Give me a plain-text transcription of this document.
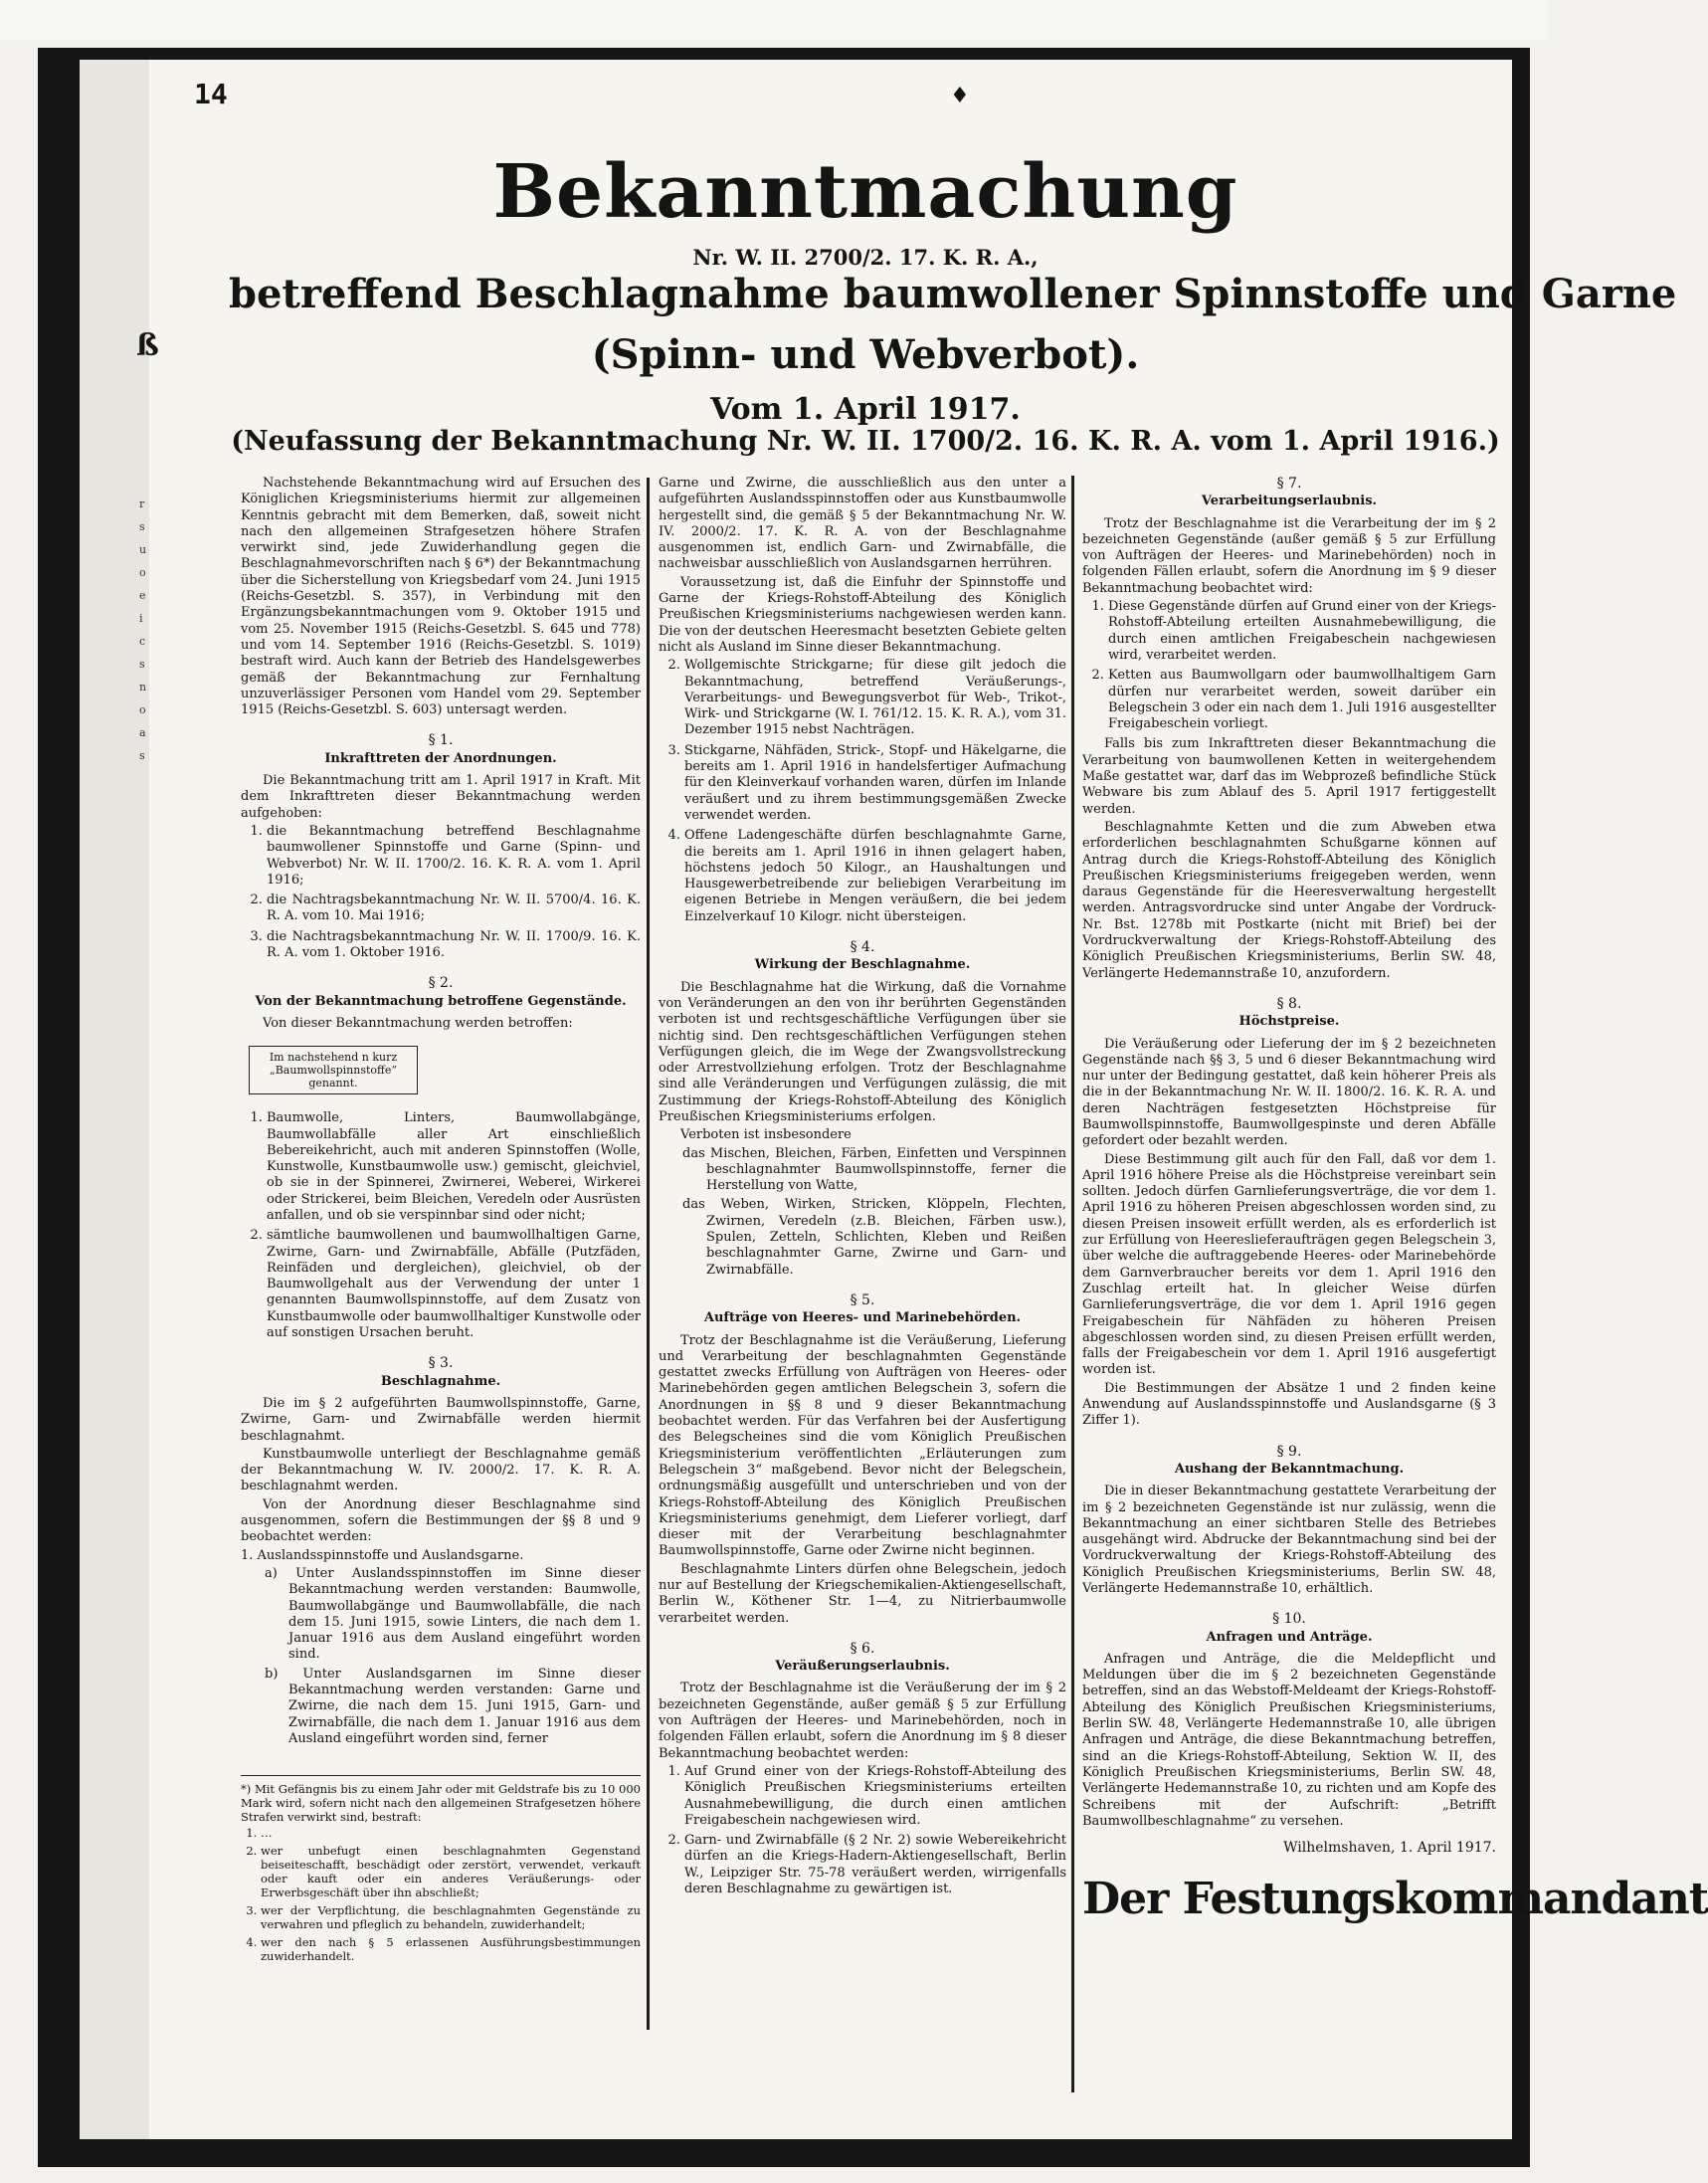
14	♦
ß
r
s
u
o
e
i
c
s
n
o
a
s
Bekanntmachung
Nr. W. II. 2700/2. 17. K. R. A.,
betreffend Beschlagnahme baumwollener Spinnstoffe und Garne
(Spinn- und Webverbot).
Vom 1. April 1917.
(Neufassung der Bekanntmachung Nr. W. II. 1700/2. 16. K. R. A. vom 1. April 1916.)

Nachstehende Bekanntmachung wird auf Ersuchen des Königlichen Kriegsministeriums hiermit zur allgemeinen Kenntnis gebracht mit dem Bemerken, daß, soweit nicht nach den allgemeinen Strafgesetzen höhere Strafen verwirkt sind, jede Zuwiderhandlung gegen die Beschlagnahmevorschriften nach § 6*) der Bekanntmachung über die Sicherstellung von Kriegsbedarf vom 24. Juni 1915 (Reichs-Gesetzbl. S. 357), in Verbindung mit den Ergänzungsbekanntmachungen vom 9. Oktober 1915 und vom 25. November 1915 (Reichs-Gesetzbl. S. 645 und 778) und vom 14. September 1916 (Reichs-Gesetzbl. S. 1019) bestraft wird. Auch kann der Betrieb des Handelsgewerbes gemäß der Bekanntmachung zur Fernhaltung unzuverlässiger Personen vom Handel vom 29. September 1915 (Reichs-Gesetzbl. S. 603) untersagt werden.

§ 1.
Inkrafttreten der Anordnungen.

Die Bekanntmachung tritt am 1. April 1917 in Kraft. Mit dem Inkrafttreten dieser Bekanntmachung werden aufgehoben:

1. die Bekanntmachung betreffend Beschlagnahme baumwollener Spinnstoffe und Garne (Spinn- und Webverbot) Nr. W. II. 1700/2. 16. K. R. A. vom 1. April 1916;
2. die Nachtragsbekanntmachung Nr. W. II. 5700/4. 16. K. R. A. vom 10. Mai 1916;
3. die Nachtragsbekanntmachung Nr. W. II. 1700/9. 16. K. R. A. vom 1. Oktober 1916.
§ 2.
Von der Bekanntmachung betroffene Gegenstände.

Von dieser Bekanntmachung werden betroffen:

Im nachstehend n kurz „Baumwollspinnstoffe“ genannt.
1. Baumwolle, Linters, Baumwollabgänge, Baumwollabfälle aller Art einschließlich Bebereikehricht, auch mit anderen Spinnstoffen (Wolle, Kunstwolle, Kunstbaumwolle usw.) gemischt, gleichviel, ob sie in der Spinnerei, Zwirnerei, Weberei, Wirkerei oder Strickerei, beim Bleichen, Veredeln oder Ausrüsten anfallen, und ob sie verspinnbar sind oder nicht;
2. sämtliche baumwollenen und baumwollhaltigen Garne, Zwirne, Garn- und Zwirnabfälle, Abfälle (Putzfäden, Reinfäden und dergleichen), gleichviel, ob der Baumwollgehalt aus der Verwendung der unter 1 genannten Baumwollspinnstoffe, auf dem Zusatz von Kunstbaumwolle oder baumwollhaltiger Kunstwolle oder auf sonstigen Ursachen beruht.
§ 3.
Beschlagnahme.

Die im § 2 aufgeführten Baumwollspinnstoffe, Garne, Zwirne, Garn- und Zwirnabfälle werden hiermit beschlagnahmt.

Kunstbaumwolle unterliegt der Beschlagnahme gemäß der Bekanntmachung W. IV. 2000/2. 17. K. R. A. beschlagnahmt werden.

Von der Anordnung dieser Beschlagnahme sind ausgenommen, sofern die Bestimmungen der §§ 8 und 9 beobachtet werden:

1. Auslandsspinnstoffe und Auslandsgarne.

a) Unter Auslandsspinnstoffen im Sinne dieser Bekanntmachung werden verstanden: Baumwolle, Baumwollabgänge und Baumwollabfälle, die nach dem 15. Juni 1915, sowie Linters, die nach dem 1. Januar 1916 aus dem Ausland eingeführt worden sind.
b) Unter Auslandsgarnen im Sinne dieser Bekanntmachung werden verstanden: Garne und Zwirne, die nach dem 15. Juni 1915, Garn- und Zwirnabfälle, die nach dem 1. Januar 1916 aus dem Ausland eingeführt worden sind, ferner

*) Mit Gefängnis bis zu einem Jahr oder mit Geldstrafe bis zu 10 000 Mark wird, sofern nicht nach den allgemeinen Strafgesetzen höhere Strafen verwirkt sind, bestraft:

1. …
2. wer unbefugt einen beschlagnahmten Gegenstand beiseiteschafft, beschädigt oder zerstört, verwendet, verkauft oder kauft oder ein anderes Veräußerungs- oder Erwerbsgeschäft über ihn abschließt;
3. wer der Verpflichtung, die beschlagnahmten Gegenstände zu verwahren und pfleglich zu behandeln, zuwiderhandelt;
4. wer den nach § 5 erlassenen Ausführungsbestimmungen zuwiderhandelt.

Garne und Zwirne, die ausschließlich aus den unter a aufgeführten Auslandsspinnstoffen oder aus Kunstbaumwolle hergestellt sind, die gemäß § 5 der Bekanntmachung Nr. W. IV. 2000/2. 17. K. R. A. von der Beschlagnahme ausgenommen ist, endlich Garn- und Zwirnabfälle, die nachweisbar ausschließlich von Auslandsgarnen herrühren.

Voraussetzung ist, daß die Einfuhr der Spinnstoffe und Garne der Kriegs-Rohstoff-Abteilung des Königlich Preußischen Kriegsministeriums nachgewiesen werden kann. Die von der deutschen Heeresmacht besetzten Gebiete gelten nicht als Ausland im Sinne dieser Bekanntmachung.

2. Wollgemischte Strickgarne; für diese gilt jedoch die Bekanntmachung, betreffend Veräußerungs-, Verarbeitungs- und Bewegungsverbot für Web-, Trikot-, Wirk- und Strickgarne (W. I. 761/12. 15. K. R. A.), vom 31. Dezember 1915 nebst Nachträgen.
3. Stickgarne, Nähfäden, Strick-, Stopf- und Häkelgarne, die bereits am 1. April 1916 in handelsfertiger Aufmachung für den Kleinverkauf vorhanden waren, dürfen im Inlande veräußert und zu ihrem bestimmungsgemäßen Zwecke verwendet werden.
4. Offene Ladengeschäfte dürfen beschlagnahmte Garne, die bereits am 1. April 1916 in ihnen gelagert haben, höchstens jedoch 50 Kilogr., an Haushaltungen und Hausgewerbetreibende zur beliebigen Verarbeitung im eigenen Betriebe in Mengen veräußern, die bei jedem Einzelverkauf 10 Kilogr. nicht übersteigen.
§ 4.
Wirkung der Beschlagnahme.

Die Beschlagnahme hat die Wirkung, daß die Vornahme von Veränderungen an den von ihr berührten Gegenständen verboten ist und rechtsgeschäftliche Verfügungen über sie nichtig sind. Den rechtsgeschäftlichen Verfügungen stehen Verfügungen gleich, die im Wege der Zwangsvollstreckung oder Arrestvollziehung erfolgen. Trotz der Beschlagnahme sind alle Veränderungen und Verfügungen zulässig, die mit Zustimmung der Kriegs-Rohstoff-Abteilung des Königlich Preußischen Kriegsministeriums erfolgen.

Verboten ist insbesondere

das Mischen, Bleichen, Färben, Einfetten und Verspinnen beschlagnahmter Baumwollspinnstoffe, ferner die Herstellung von Watte,
das Weben, Wirken, Stricken, Klöppeln, Flechten, Zwirnen, Veredeln (z.B. Bleichen, Färben usw.), Spulen, Zetteln, Schlichten, Kleben und Reißen beschlagnahmter Garne, Zwirne und Garn- und Zwirnabfälle.
§ 5.
Aufträge von Heeres- und Marinebehörden.

Trotz der Beschlagnahme ist die Veräußerung, Lieferung und Verarbeitung der beschlagnahmten Gegenstände gestattet zwecks Erfüllung von Aufträgen von Heeres- oder Marinebehörden gegen amtlichen Belegschein 3, sofern die Anordnungen in §§ 8 und 9 dieser Bekanntmachung beobachtet werden. Für das Verfahren bei der Ausfertigung des Belegscheines sind die vom Königlich Preußischen Kriegsministerium veröffentlichten „Erläuterungen zum Belegschein 3“ maßgebend. Bevor nicht der Belegschein, ordnungsmäßig ausgefüllt und unterschrieben und von der Kriegs-Rohstoff-Abteilung des Königlich Preußischen Kriegsministeriums genehmigt, dem Lieferer vorliegt, darf dieser mit der Verarbeitung beschlagnahmter Baumwollspinnstoffe, Garne oder Zwirne nicht beginnen.

Beschlagnahmte Linters dürfen ohne Belegschein, jedoch nur auf Bestellung der Kriegschemikalien-Aktiengesellschaft, Berlin W., Köthener Str. 1—4, zu Nitrierbaumwolle verarbeitet werden.

§ 6.
Veräußerungserlaubnis.

Trotz der Beschlagnahme ist die Veräußerung der im § 2 bezeichneten Gegenstände, außer gemäß § 5 zur Erfüllung von Aufträgen der Heeres- und Marinebehörden, noch in folgenden Fällen erlaubt, sofern die Anordnung im § 8 dieser Bekanntmachung beobachtet werden:

1. Auf Grund einer von der Kriegs-Rohstoff-Abteilung des Königlich Preußischen Kriegsministeriums erteilten Ausnahmebewilligung, die durch einen amtlichen Freigabeschein nachgewiesen wird.
2. Garn- und Zwirnabfälle (§ 2 Nr. 2) sowie Webereikehricht dürfen an die Kriegs-Hadern-Aktiengesellschaft, Berlin W., Leipziger Str. 75-78 veräußert werden, wirrigenfalls deren Beschlagnahme zu gewärtigen ist.
§ 7.
Verarbeitungserlaubnis.

Trotz der Beschlagnahme ist die Verarbeitung der im § 2 bezeichneten Gegenstände (außer gemäß § 5 zur Erfüllung von Aufträgen der Heeres- und Marinebehörden) noch in folgenden Fällen erlaubt, sofern die Anordnung im § 9 dieser Bekanntmachung beobachtet wird:

1. Diese Gegenstände dürfen auf Grund einer von der Kriegs-Rohstoff-Abteilung erteilten Ausnahmebewilligung, die durch einen amtlichen Freigabeschein nachgewiesen wird, verarbeitet werden.
2. Ketten aus Baumwollgarn oder baumwollhaltigem Garn dürfen nur verarbeitet werden, soweit darüber ein Belegschein 3 oder ein nach dem 1. Juli 1916 ausgestellter Freigabeschein vorliegt.

Falls bis zum Inkrafttreten dieser Bekanntmachung die Verarbeitung von baumwollenen Ketten in weitergehendem Maße gestattet war, darf das im Webprozeß befindliche Stück Webware bis zum Ablauf des 5. April 1917 fertiggestellt werden.

Beschlagnahmte Ketten und die zum Abweben etwa erforderlichen beschlagnahmten Schußgarne können auf Antrag durch die Kriegs-Rohstoff-Abteilung des Königlich Preußischen Kriegsministeriums freigegeben werden, wenn daraus Gegenstände für die Heeresverwaltung hergestellt werden. Antragsvordrucke sind unter Angabe der Vordruck-Nr. Bst. 1278b mit Postkarte (nicht mit Brief) bei der Vordruckverwaltung der Kriegs-Rohstoff-Abteilung des Königlich Preußischen Kriegsministeriums, Berlin SW. 48, Verlängerte Hedemannstraße 10, anzufordern.

§ 8.
Höchstpreise.

Die Veräußerung oder Lieferung der im § 2 bezeichneten Gegenstände nach §§ 3, 5 und 6 dieser Bekanntmachung wird nur unter der Bedingung gestattet, daß kein höherer Preis als die in der Bekanntmachung Nr. W. II. 1800/2. 16. K. R. A. und deren Nachträgen festgesetzten Höchstpreise für Baumwollspinnstoffe, Baumwollgespinste und deren Abfälle gefordert oder bezahlt werden.

Diese Bestimmung gilt auch für den Fall, daß vor dem 1. April 1916 höhere Preise als die Höchstpreise vereinbart sein sollten. Jedoch dürfen Garnlieferungsverträge, die vor dem 1. April 1916 zu höheren Preisen abgeschlossen worden sind, zu diesen Preisen insoweit erfüllt werden, als es erforderlich ist zur Erfüllung von Heereslieferaufträgen gegen Belegschein 3, über welche die auftraggebende Heeres- oder Marinebehörde dem Garnverbraucher bereits vor dem 1. April 1916 den Zuschlag erteilt hat. In gleicher Weise dürfen Garnlieferungsverträge, die vor dem 1. April 1916 gegen Freigabeschein für Nähfäden zu höheren Preisen abgeschlossen worden sind, zu diesen Preisen erfüllt werden, falls der Freigabeschein vor dem 1. April 1916 ausgefertigt worden ist.

Die Bestimmungen der Absätze 1 und 2 finden keine Anwendung auf Auslandsspinnstoffe und Auslandsgarne (§ 3 Ziffer 1).

§ 9.
Aushang der Bekanntmachung.

Die in dieser Bekanntmachung gestattete Verarbeitung der im § 2 bezeichneten Gegenstände ist nur zulässig, wenn die Bekanntmachung an einer sichtbaren Stelle des Betriebes ausgehängt wird. Abdrucke der Bekanntmachung sind bei der Vordruckverwaltung der Kriegs-Rohstoff-Abteilung des Königlich Preußischen Kriegsministeriums, Berlin SW. 48, Verlängerte Hedemannstraße 10, erhältlich.

§ 10.
Anfragen und Anträge.

Anfragen und Anträge, die die Meldepflicht und Meldungen über die im § 2 bezeichneten Gegenstände betreffen, sind an das Webstoff-Meldeamt der Kriegs-Rohstoff-Abteilung des Königlich Preußischen Kriegsministeriums, Berlin SW. 48, Verlängerte Hedemannstraße 10, alle übrigen Anfragen und Anträge, die diese Bekanntmachung betreffen, sind an die Kriegs-Rohstoff-Abteilung, Sektion W. II, des Königlich Preußischen Kriegsministeriums, Berlin SW. 48, Verlängerte Hedemannstraße 10, zu richten und am Kopfe des Schreibens mit der Aufschrift: „Betrifft Baumwollbeschlagnahme“ zu versehen.

Wilhelmshaven, 1. April 1917.
Der Festungskommandant
